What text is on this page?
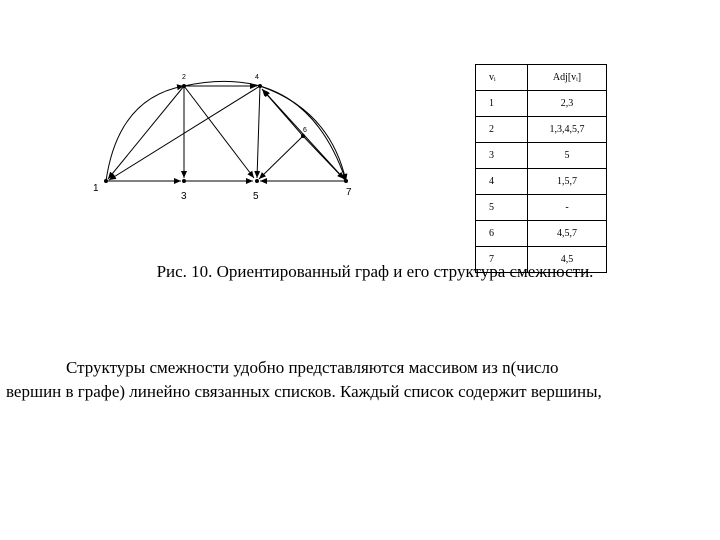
1
2
3
4
5
6
7
vᵢ	Adj[vᵢ]
1	2,3
2	1,3,4,5,7
3	5
4	1,5,7
5	-
6	4,5,7
7	4,5
Рис. 10. Ориентированный граф и его структура смежности.

Структуры смежности удобно представляются массивом из n(число
вершин в графе) линейно связанных списков. Каждый список содержит вершины,
